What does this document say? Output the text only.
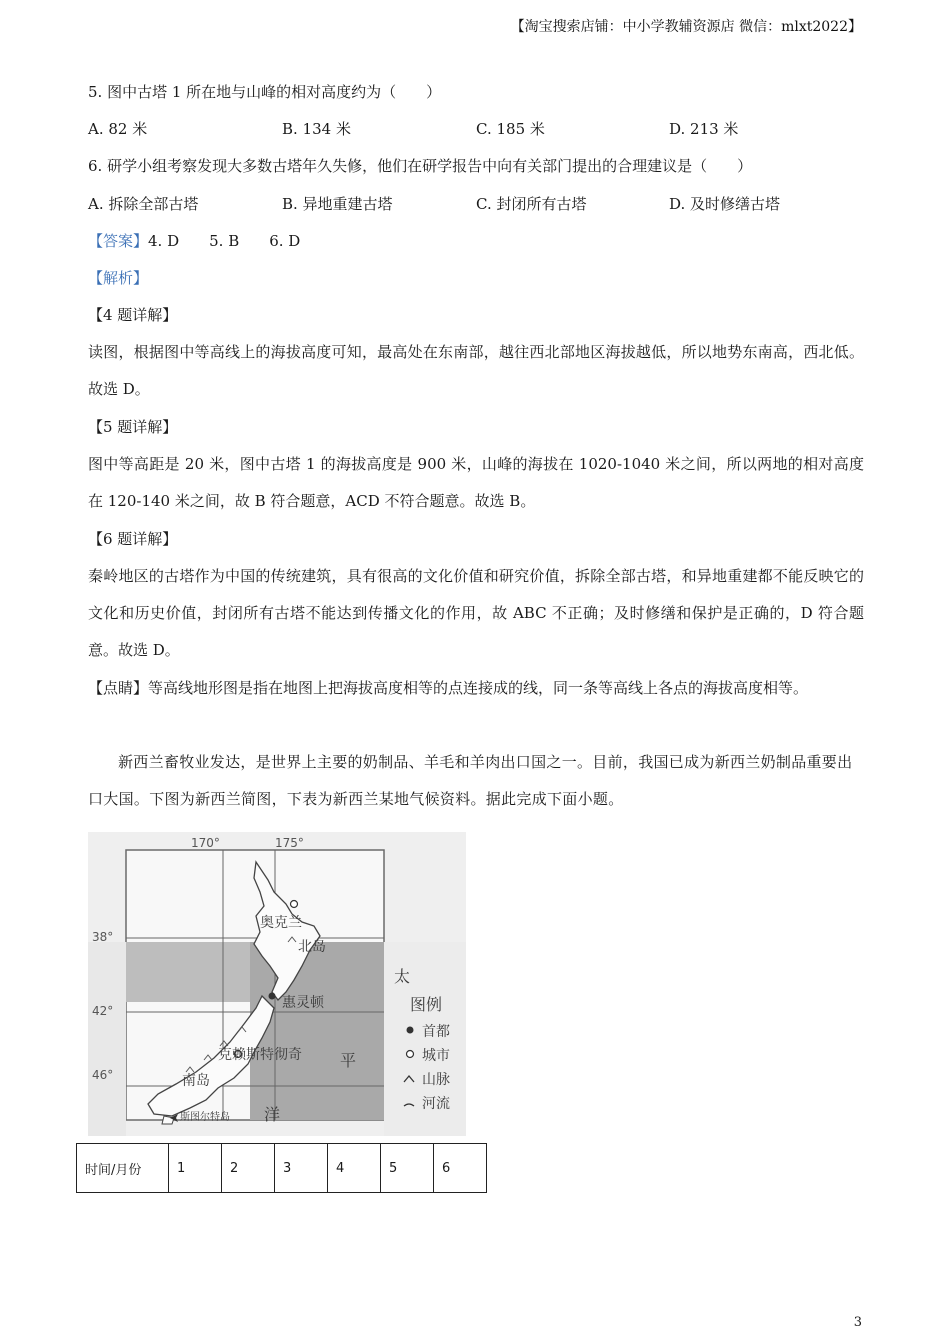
【淘宝搜索店铺：中小学教辅资源店 微信：mlxt2022】
5. 图中古塔 1 所在地与山峰的相对高度约为（　　）
A. 82 米	B. 134 米	C. 185 米	D. 213 米
6. 研学小组考察发现大多数古塔年久失修，他们在研学报告中向有关部门提出的合理建议是（　　）
A. 拆除全部古塔	B. 异地重建古塔	C. 封闭所有古塔	D. 及时修缮古塔
【答案】4. D　　5. B　　6. D
【解析】
【4 题详解】
读图，根据图中等高线上的海拔高度可知，最高处在东南部，越往西北部地区海拔越低，所以地势东南高，西北低。故选 D。
【5 题详解】
图中等高距是 20 米，图中古塔 1 的海拔高度是 900 米，山峰的海拔在 1020-1040 米之间，所以两地的相对高度在 120-140 米之间，故 B 符合题意，ACD 不符合题意。故选 B。
【6 题详解】
秦岭地区的古塔作为中国的传统建筑，具有很高的文化价值和研究价值，拆除全部古塔，和异地重建都不能反映它的文化和历史价值，封闭所有古塔不能达到传播文化的作用，故 ABC 不正确；及时修缮和保护是正确的，D 符合题意。故选 D。
【点睛】等高线地形图是指在地图上把海拔高度相等的点连接成的线，同一条等高线上各点的海拔高度相等。
新西兰畜牧业发达，是世界上主要的奶制品、羊毛和羊肉出口国之一。目前，我国已成为新西兰奶制品重要出口大国。下图为新西兰简图，下表为新西兰某地气候资料。据此完成下面小题。
170°	175°
38°
42°
46°
奥克兰
北岛
惠灵顿
克赖斯特彻奇
南岛
斯图尔特岛
太
平
洋
图例
首都
城市
山脉
河流
时间/月份	1	2	3	4	5	6
3
